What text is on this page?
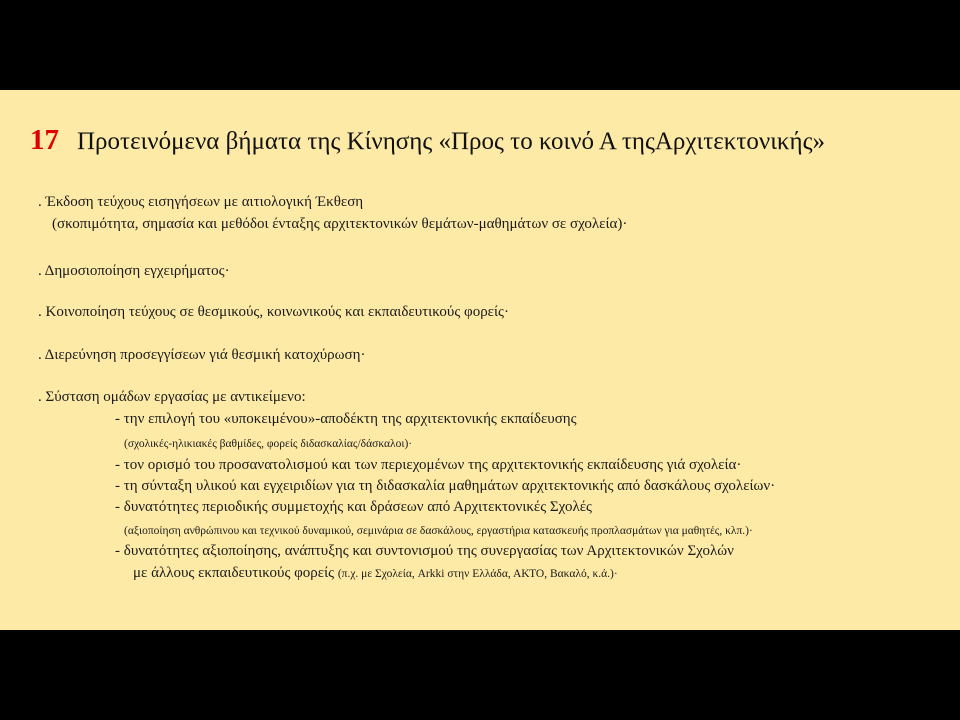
17 Προτεινόμενα βήματα της Κίνησης «Προς το κοινό Α τηςΑρχιτεκτονικής»
. Έκδοση τεύχους εισηγήσεων με αιτιολογική Έκθεση
(σκοπιμότητα, σημασία και μεθόδοι ένταξης αρχιτεκτονικών θεμάτων-μαθημάτων σε σχολεία)·
. Δημοσιοποίηση εγχειρήματος·
. Κοινοποίηση τεύχους σε θεσμικούς, κοινωνικούς και εκπαιδευτικούς φορείς·
. Διερεύνηση προσεγγίσεων γιά θεσμική κατοχύρωση·
. Σύσταση ομάδων εργασίας με αντικείμενο:
- την επιλογή του «υποκειμένου»-αποδέκτη της αρχιτεκτονικής εκπαίδευσης
(σχολικές-ηλικιακές βαθμίδες, φορείς διδασκαλίας/δάσκαλοι)·
- τον ορισμό του προσανατολισμού και των περιεχομένων της αρχιτεκτονικής εκπαίδευσης γιά σχολεία·
- τη σύνταξη υλικού και εγχειριδίων για τη διδασκαλία μαθημάτων αρχιτεκτονικής από δασκάλους σχολείων·
- δυνατότητες περιοδικής συμμετοχής και δράσεων από Αρχιτεκτονικές Σχολές
(αξιοποίηση ανθρώπινου και τεχνικού δυναμικού, σεμινάρια σε δασκάλους, εργαστήρια κατασκευής προπλασμάτων για μαθητές, κλπ.)·
- δυνατότητες αξιοποίησης, ανάπτυξης και συντονισμού της συνεργασίας των Αρχιτεκτονικών Σχολών
με άλλους εκπαιδευτικούς φορείς (π.χ. με Σχολεία, Arkki στην Ελλάδα, ΑΚΤΟ, Βακαλό, κ.ά.)·
